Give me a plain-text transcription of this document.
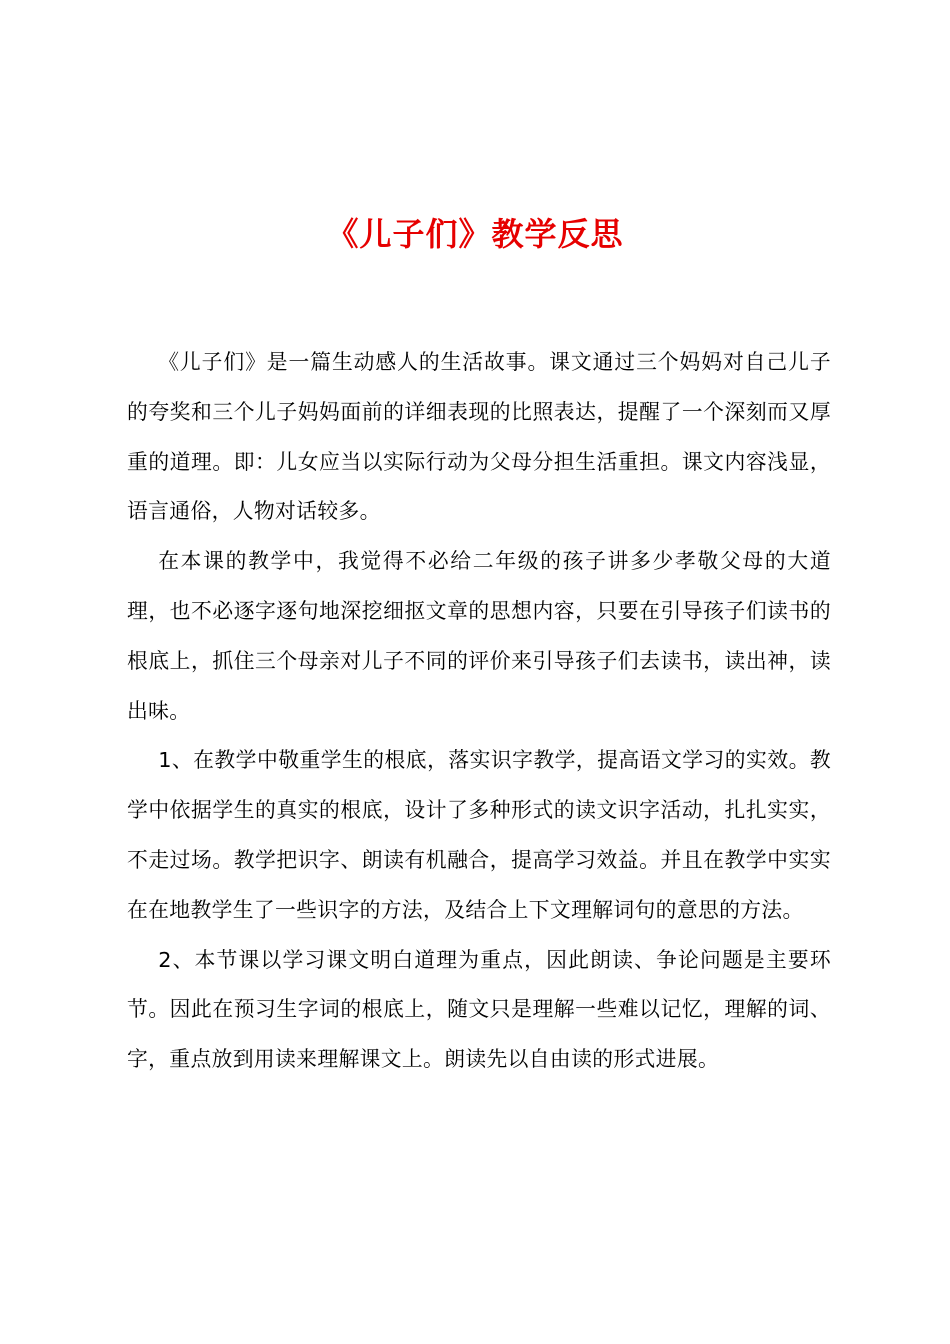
《儿子们》教学反思

《儿子们》是一篇生动感人的生活故事。课文通过三个妈妈对自己儿子的夸奖和三个儿子妈妈面前的详细表现的比照表达，提醒了一个深刻而又厚重的道理。即：儿女应当以实际行动为父母分担生活重担。课文内容浅显，语言通俗，人物对话较多。

在本课的教学中，我觉得不必给二年级的孩子讲多少孝敬父母的大道理，也不必逐字逐句地深挖细抠文章的思想内容，只要在引导孩子们读书的根底上，抓住三个母亲对儿子不同的评价来引导孩子们去读书，读出神，读出味。

1、在教学中敬重学生的根底，落实识字教学，提高语文学习的实效。教学中依据学生的真实的根底，设计了多种形式的读文识字活动，扎扎实实，不走过场。教学把识字、朗读有机融合，提高学习效益。并且在教学中实实在在地教学生了一些识字的方法，及结合上下文理解词句的意思的方法。

2、本节课以学习课文明白道理为重点，因此朗读、争论问题是主要环节。因此在预习生字词的根底上，随文只是理解一些难以记忆，理解的词、字，重点放到用读来理解课文上。朗读先以自由读的形式进展。
